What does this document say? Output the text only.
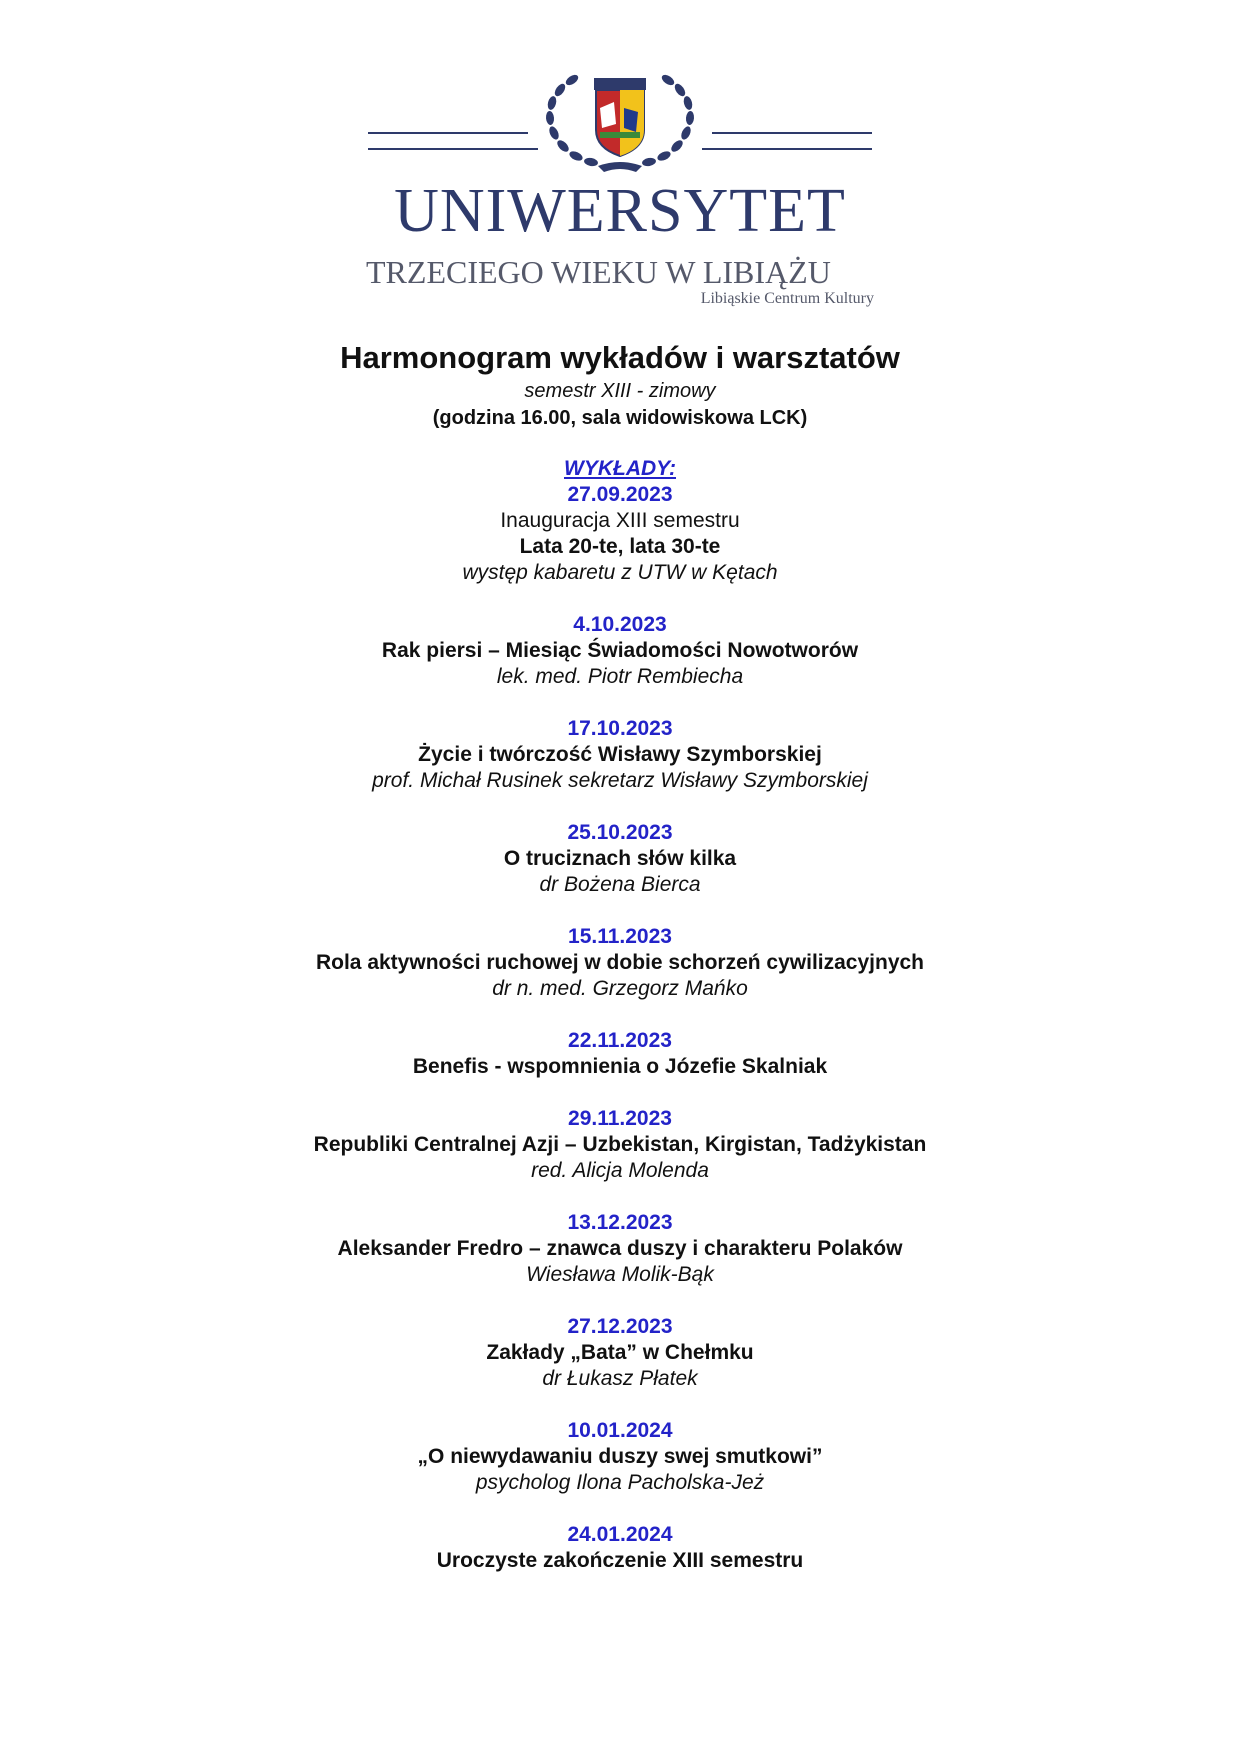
UNIWERSYTET
TRZECIEGO WIEKU W LIBIĄŻU
Libiąskie Centrum Kultury
Harmonogram wykładów i warsztatów
semestr XIII - zimowy
(godzina 16.00, sala widowiskowa LCK)
WYKŁADY:
27.09.2023
Inauguracja XIII semestru
Lata 20-te, lata 30-te
występ kabaretu z UTW w Kętach
4.10.2023
Rak piersi – Miesiąc Świadomości Nowotworów
lek. med. Piotr Rembiecha
17.10.2023
Życie i twórczość Wisławy Szymborskiej
prof. Michał Rusinek sekretarz Wisławy Szymborskiej
25.10.2023
O truciznach słów kilka
dr Bożena Bierca
15.11.2023
Rola aktywności ruchowej w dobie schorzeń cywilizacyjnych
dr n. med. Grzegorz Mańko
22.11.2023
Benefis - wspomnienia o Józefie Skalniak
29.11.2023
Republiki Centralnej Azji – Uzbekistan, Kirgistan, Tadżykistan
red. Alicja Molenda
13.12.2023
Aleksander Fredro – znawca duszy i charakteru Polaków
Wiesława Molik-Bąk
27.12.2023
Zakłady „Bata” w Chełmku
dr Łukasz Płatek
10.01.2024
„O niewydawaniu duszy swej smutkowi”
psycholog Ilona Pacholska-Jeż
24.01.2024
Uroczyste zakończenie XIII semestru
